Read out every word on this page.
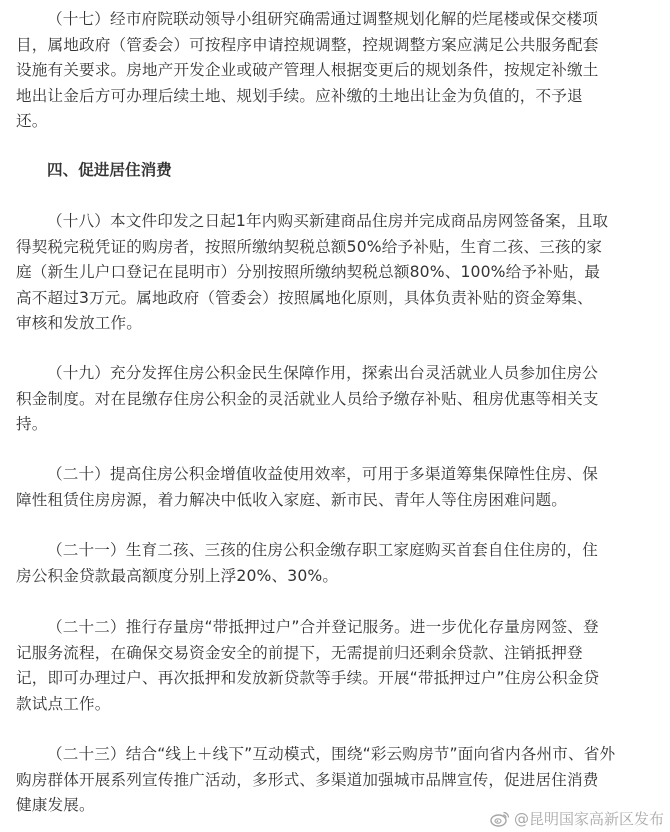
（十七）经市府院联动领导小组研究确需通过调整规划化解的烂尾楼或保交楼项
目，属地政府（管委会）可按程序申请控规调整，控规调整方案应满足公共服务配套
设施有关要求。房地产开发企业或破产管理人根据变更后的规划条件，按规定补缴土
地出让金后方可办理后续土地、规划手续。应补缴的土地出让金为负值的，不予退
还。
四、促进居住消费
（十八）本文件印发之日起1年内购买新建商品住房并完成商品房网签备案，且取
得契税完税凭证的购房者，按照所缴纳契税总额50%给予补贴，生育二孩、三孩的家
庭（新生儿户口登记在昆明市）分别按照所缴纳契税总额80%、100%给予补贴，最
高不超过3万元。属地政府（管委会）按照属地化原则，具体负责补贴的资金筹集、
审核和发放工作。
（十九）充分发挥住房公积金民生保障作用，探索出台灵活就业人员参加住房公
积金制度。对在昆缴存住房公积金的灵活就业人员给予缴存补贴、租房优惠等相关支
持。
（二十）提高住房公积金增值收益使用效率，可用于多渠道筹集保障性住房、保
障性租赁住房房源，着力解决中低收入家庭、新市民、青年人等住房困难问题。
（二十一）生育二孩、三孩的住房公积金缴存职工家庭购买首套自住住房的，住
房公积金贷款最高额度分别上浮20%、30%。
（二十二）推行存量房“带抵押过户”合并登记服务。进一步优化存量房网签、登
记服务流程，在确保交易资金安全的前提下，无需提前归还剩余贷款、注销抵押登
记，即可办理过户、再次抵押和发放新贷款等手续。开展“带抵押过户”住房公积金贷
款试点工作。
（二十三）结合“线上＋线下”互动模式，围绕“彩云购房节”面向省内各州市、省外
购房群体开展系列宣传推广活动，多形式、多渠道加强城市品牌宣传，促进居住消费
健康发展。
@昆明国家高新区发布
